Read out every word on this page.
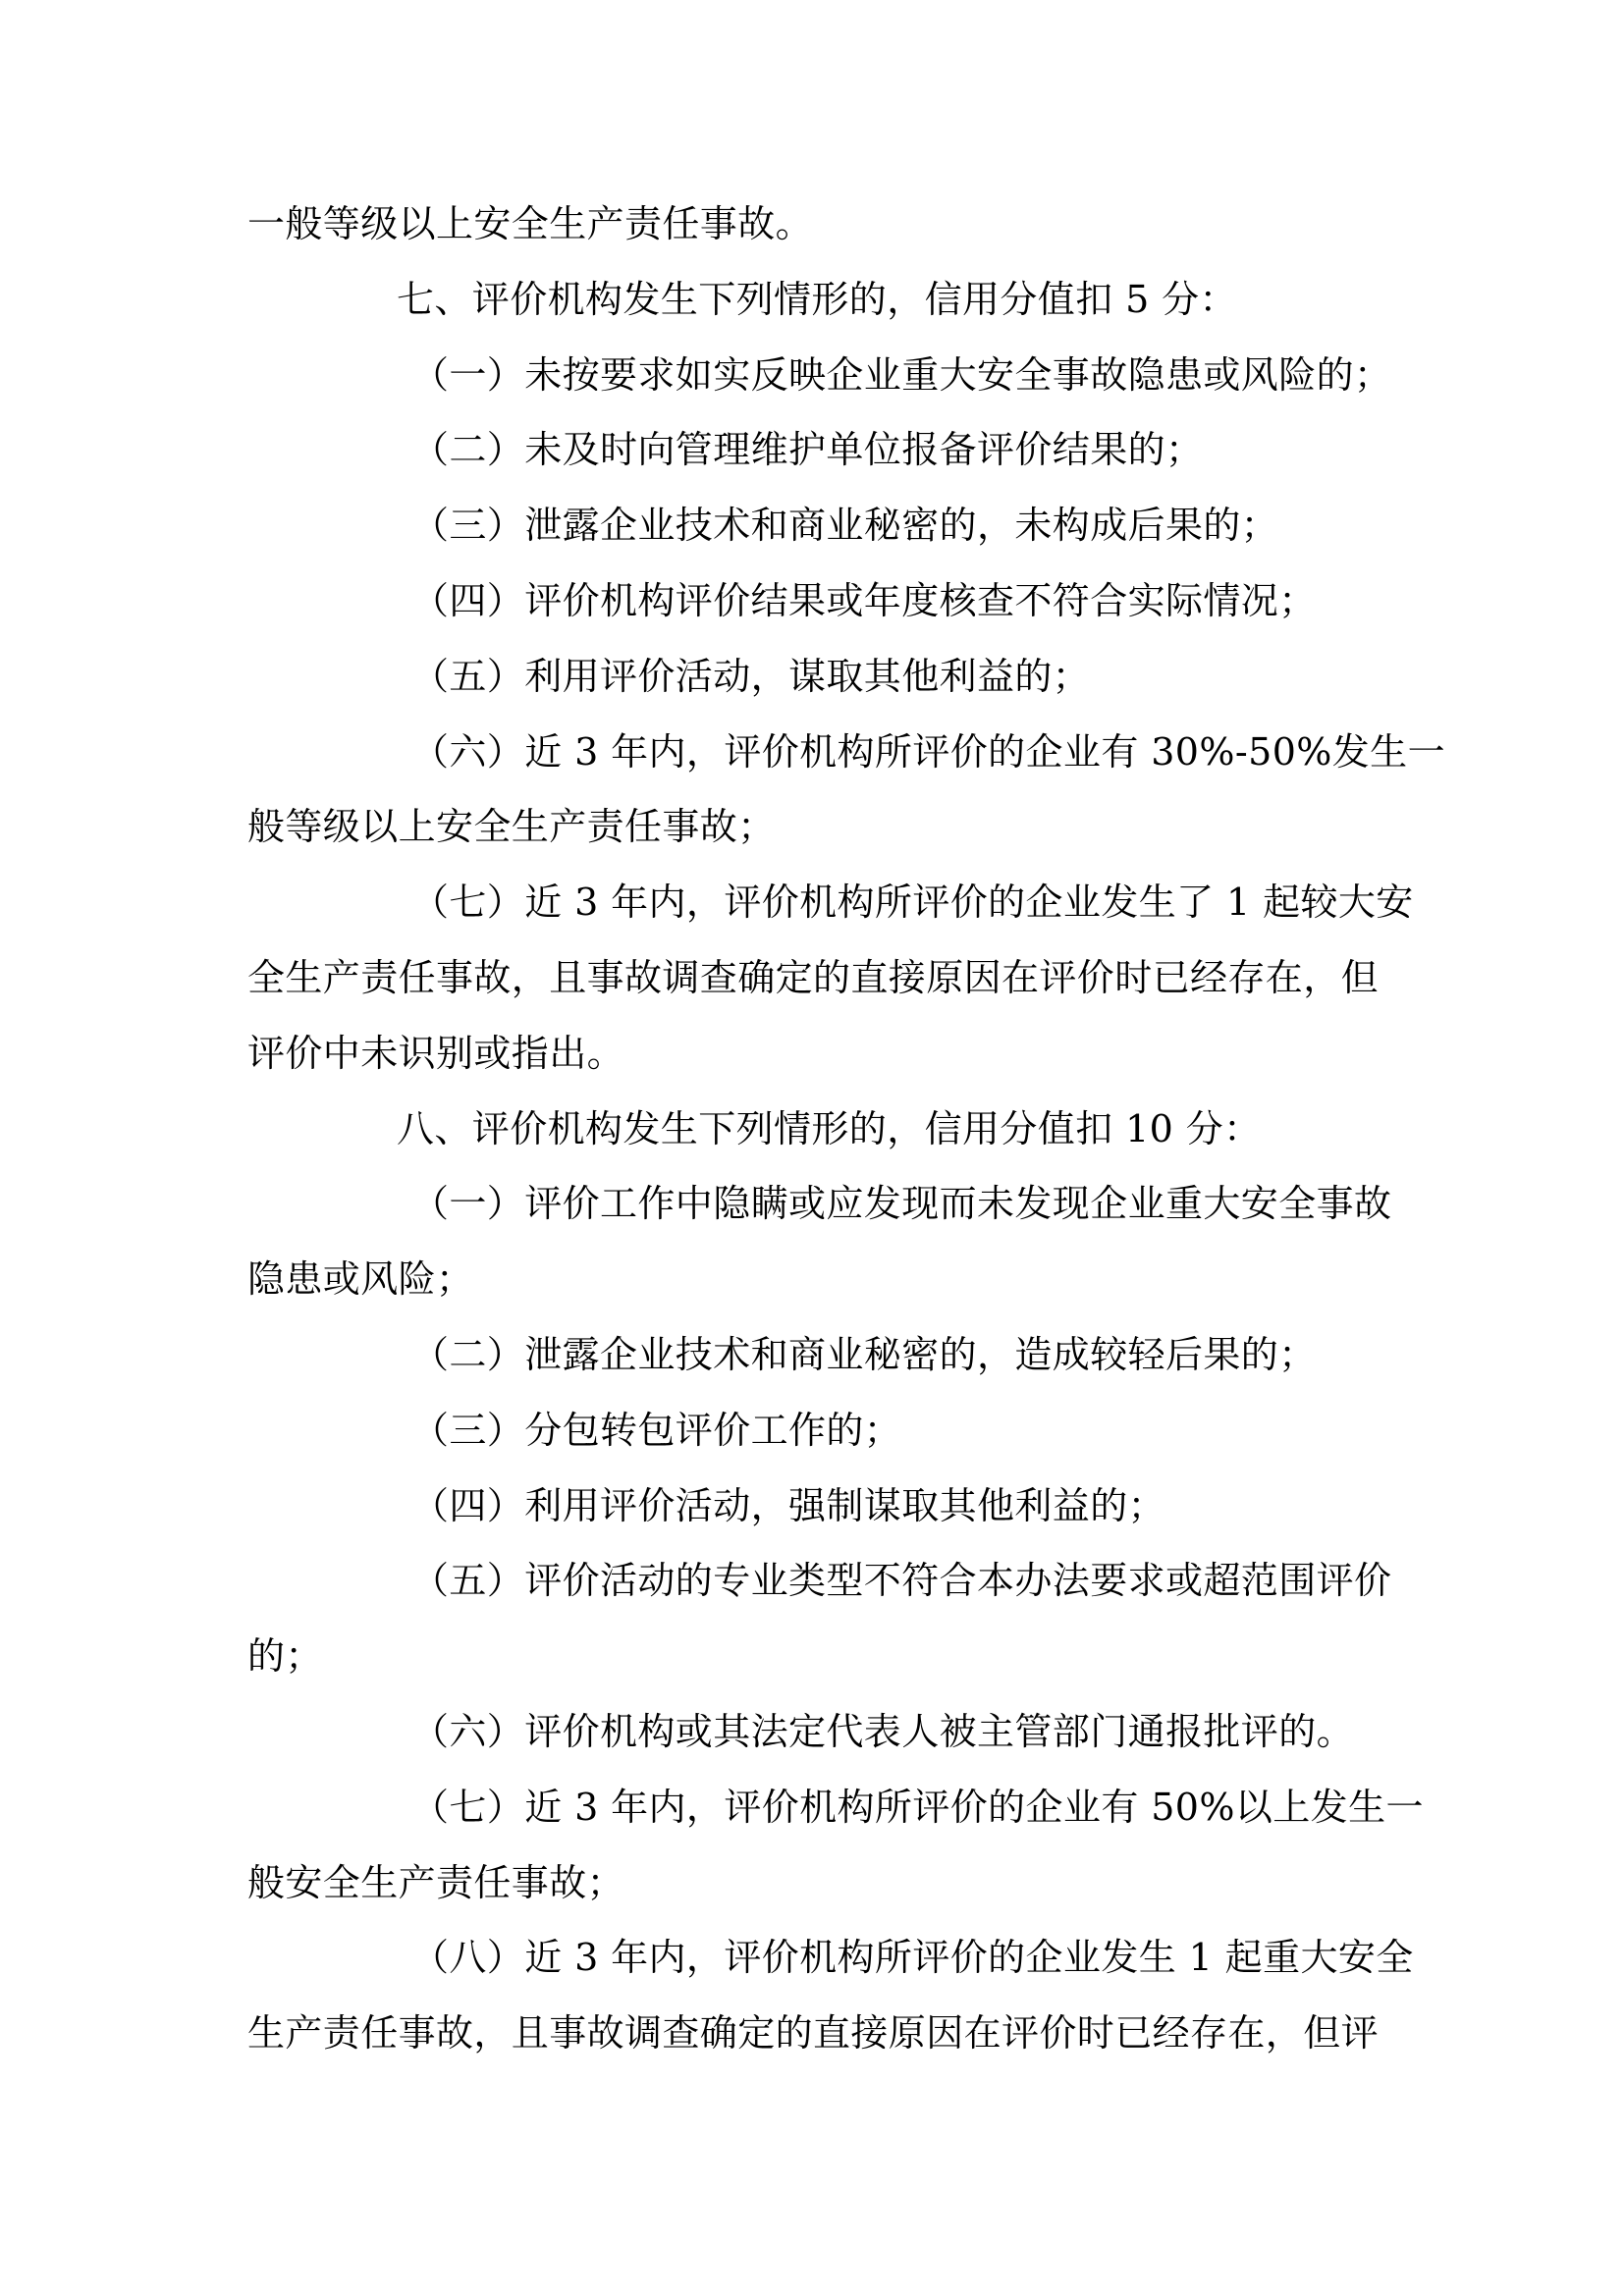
一般等级以上安全生产责任事故。
七、评价机构发生下列情形的，信用分值扣 5 分：
（一）未按要求如实反映企业重大安全事故隐患或风险的；
（二）未及时向管理维护单位报备评价结果的；
（三）泄露企业技术和商业秘密的，未构成后果的；
（四）评价机构评价结果或年度核查不符合实际情况；
（五）利用评价活动，谋取其他利益的；
（六）近 3 年内，评价机构所评价的企业有 30%-50%发生一
般等级以上安全生产责任事故；
（七）近 3 年内，评价机构所评价的企业发生了 1 起较大安
全生产责任事故，且事故调查确定的直接原因在评价时已经存在，但
评价中未识别或指出。
八、评价机构发生下列情形的，信用分值扣 10 分：
（一）评价工作中隐瞒或应发现而未发现企业重大安全事故
隐患或风险；
（二）泄露企业技术和商业秘密的，造成较轻后果的；
（三）分包转包评价工作的；
（四）利用评价活动，强制谋取其他利益的；
（五）评价活动的专业类型不符合本办法要求或超范围评价
的；
（六）评价机构或其法定代表人被主管部门通报批评的。
（七）近 3 年内，评价机构所评价的企业有 50%以上发生一
般安全生产责任事故；
（八）近 3 年内，评价机构所评价的企业发生 1 起重大安全
生产责任事故，且事故调查确定的直接原因在评价时已经存在，但评
